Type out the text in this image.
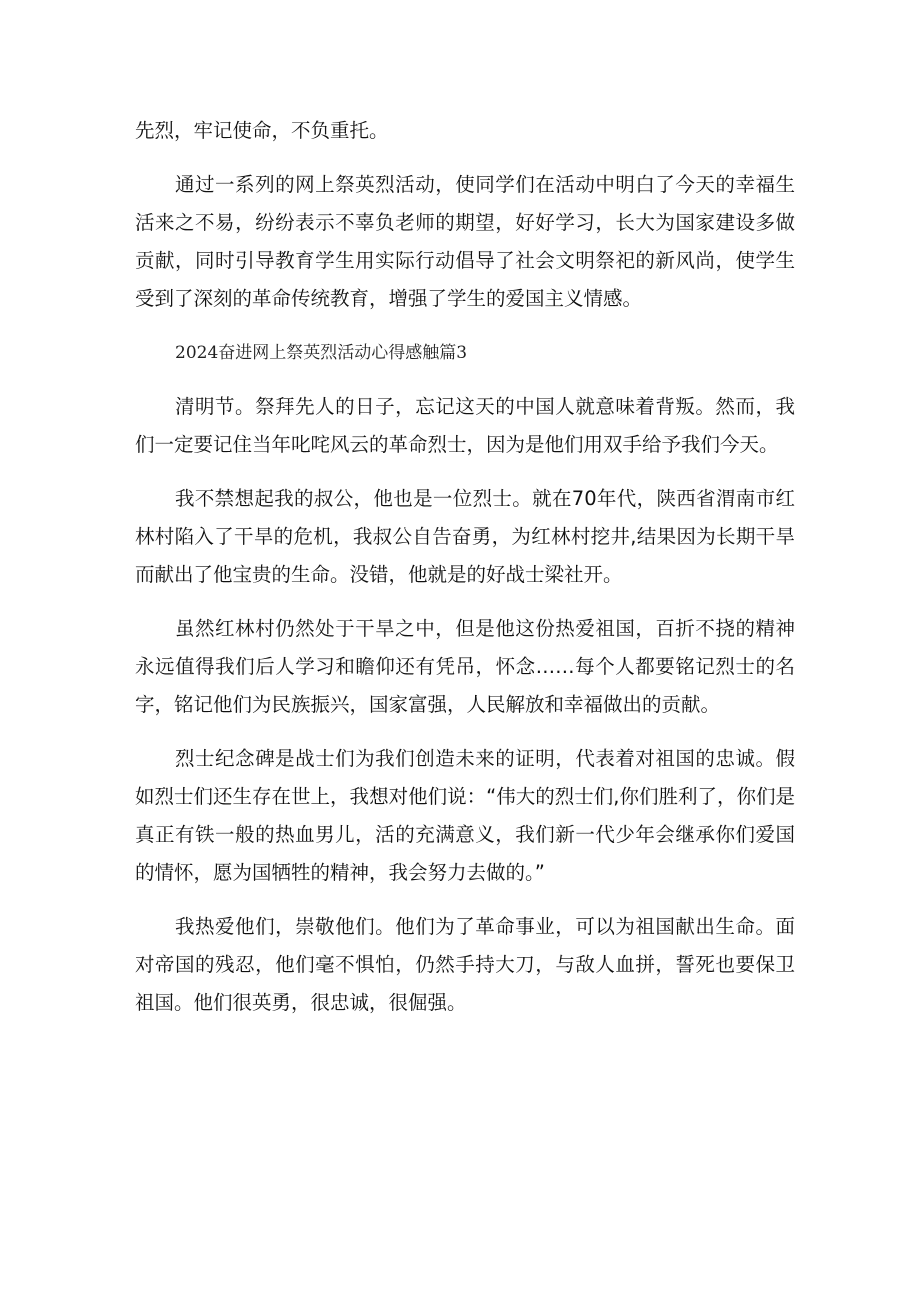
先烈，牢记使命，不负重托。

通过一系列的网上祭英烈活动，使同学们在活动中明白了今天的幸福生活来之不易，纷纷表示不辜负老师的期望，好好学习，长大为国家建设多做贡献，同时引导教育学生用实际行动倡导了社会文明祭祀的新风尚，使学生受到了深刻的革命传统教育，增强了学生的爱国主义情感。

2024奋进网上祭英烈活动心得感触篇3

清明节。祭拜先人的日子，忘记这天的中国人就意味着背叛。然而，我们一定要记住当年叱咤风云的革命烈士，因为是他们用双手给予我们今天。

我不禁想起我的叔公，他也是一位烈士。就在70年代，陕西省渭南市红林村陷入了干旱的危机，我叔公自告奋勇，为红林村挖井,结果因为长期干旱而献出了他宝贵的生命。没错，他就是的好战士梁社开。

虽然红林村仍然处于干旱之中，但是他这份热爱祖国，百折不挠的精神永远值得我们后人学习和瞻仰还有凭吊，怀念……每个人都要铭记烈士的名字，铭记他们为民族振兴，国家富强，人民解放和幸福做出的贡献。

烈士纪念碑是战士们为我们创造未来的证明，代表着对祖国的忠诚。假如烈士们还生存在世上，我想对他们说：“伟大的烈士们,你们胜利了，你们是真正有铁一般的热血男儿，活的充满意义，我们新一代少年会继承你们爱国的情怀，愿为国牺牲的精神，我会努力去做的。”

我热爱他们，崇敬他们。他们为了革命事业，可以为祖国献出生命。面对帝国的残忍，他们毫不惧怕，仍然手持大刀，与敌人血拼，誓死也要保卫祖国。他们很英勇，很忠诚，很倔强。
